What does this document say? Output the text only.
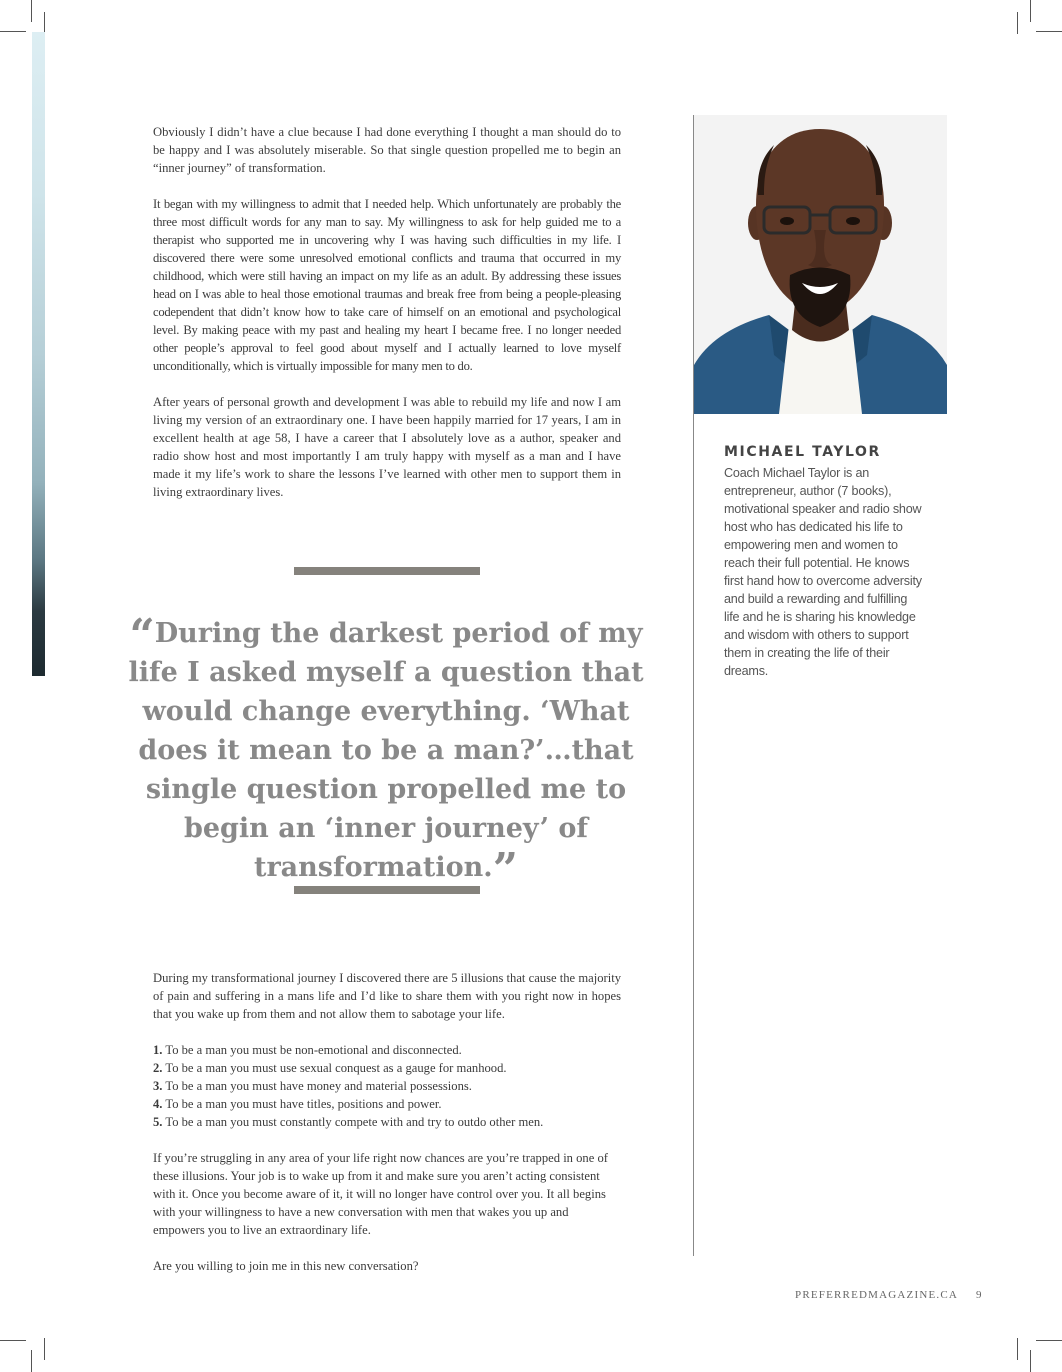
Obviously I didn’t have a clue because I had done everything I thought a man should do to be happy and I was absolutely miserable. So that single question propelled me to begin an “inner journey” of transformation.

It began with my willingness to admit that I needed help. Which unfortunately are probably the three most difficult words for any man to say. My willingness to ask for help guided me to a therapist who supported me in uncovering why I was having such difficulties in my life. I discovered there were some unresolved emotional conflicts and trauma that occurred in my childhood, which were still having an impact on my life as an adult. By addressing these issues head on I was able to heal those emotional traumas and break free from being a people-pleasing codependent that didn’t know how to take care of himself on an emotional and psychological level. By making peace with my past and healing my heart I became free. I no longer needed other people’s approval to feel good about myself and I actually learned to love myself unconditionally, which is virtually impossible for many men to do.

After years of personal growth and development I was able to rebuild my life and now I am living my version of an extraordinary one. I have been happily married for 17 years, I am in excellent health at age 58, I have a career that I absolutely love as a author, speaker and radio show host and most importantly I am truly happy with myself as a man and I have made it my life’s work to share the lessons I’ve learned with other men to support them in living extraordinary lives.

“During the darkest period of my life I asked myself a question that would change everything. ‘What does it mean to be a man?’…that single question propelled me to begin an ‘inner journey’ of transformation.”

During my transformational journey I discovered there are 5 illusions that cause the majority of pain and suffering in a mans life and I’d like to share them with you right now in hopes that you wake up from them and not allow them to sabotage your life.

1. To be a man you must be non-emotional and disconnected.
2. To be a man you must use sexual conquest as a gauge for manhood.
3. To be a man you must have money and material possessions.
4. To be a man you must have titles, positions and power.
5. To be a man you must constantly compete with and try to outdo other men.

If you’re struggling in any area of your life right now chances are you’re trapped in one of these illusions. Your job is to wake up from it and make sure you aren’t acting consistent with it. Once you become aware of it, it will no longer have control over you. It all begins with your willingness to have a new conversation with men that wakes you up and empowers you to live an extraordinary life.

Are you willing to join me in this new conversation?

MICHAEL TAYLOR
Coach Michael Taylor is an entrepreneur, author (7 books), motivational speaker and radio show host who has dedicated his life to empowering men and women to reach their full potential. He knows first hand how to overcome adversity and build a rewarding and fulfilling life and he is sharing his knowledge and wisdom with others to support them in creating the life of their dreams.
PREFERREDMAGAZINE.CA 9
